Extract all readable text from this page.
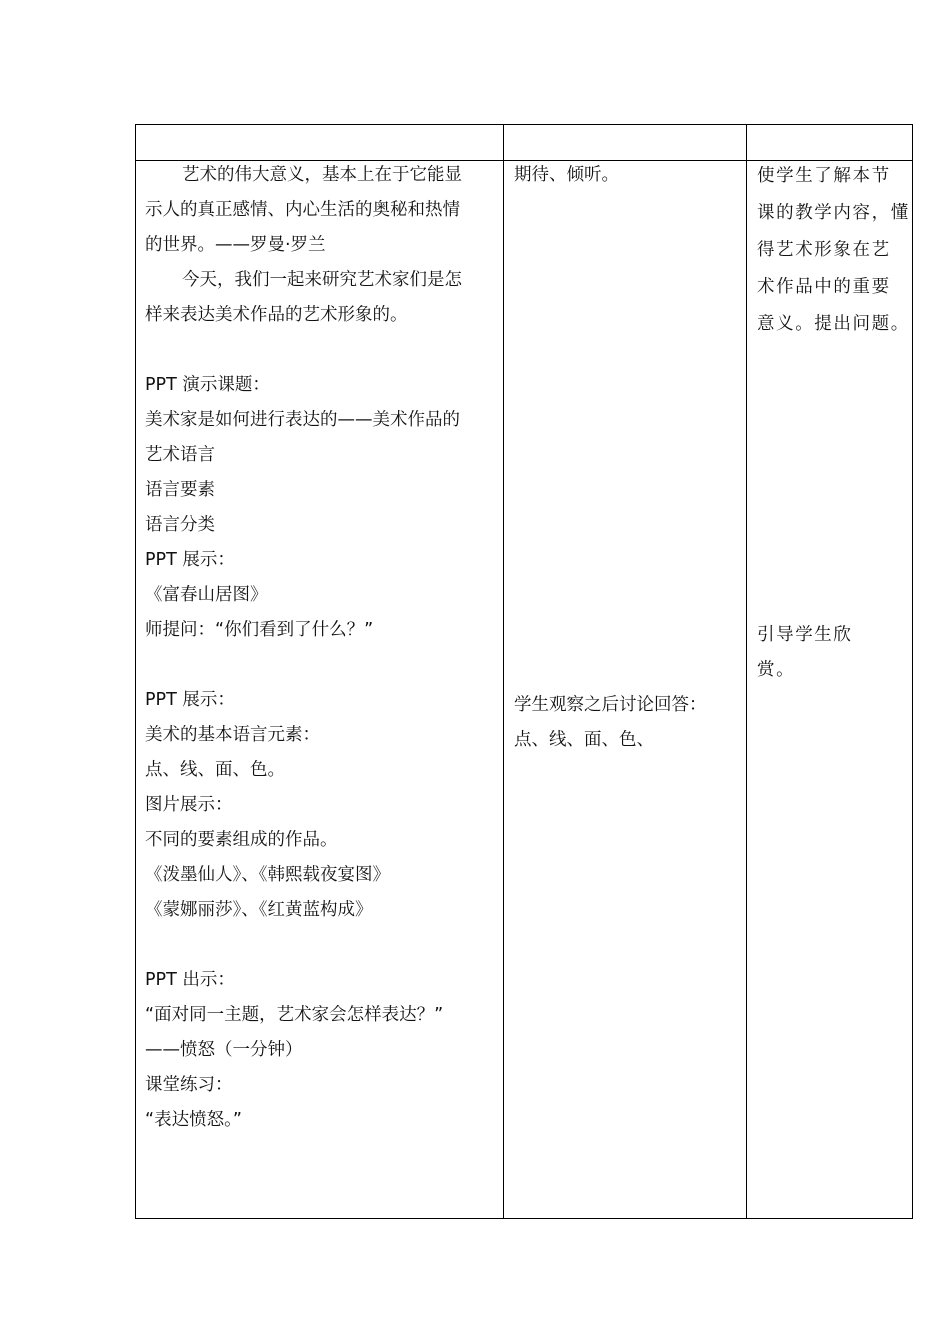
艺术的伟大意义，基本上在于它能显
示人的真正感情、内心生活的奥秘和热情
的世界。——罗曼·罗兰
今天，我们一起来研究艺术家们是怎
样来表达美术作品的艺术形象的。
PPT 演示课题：
美术家是如何进行表达的——美术作品的
艺术语言
语言要素
语言分类
PPT 展示：
《富春山居图》
师提问：“你们看到了什么？”
PPT 展示：
美术的基本语言元素：
点、线、面、色。
图片展示：
不同的要素组成的作品。
《泼墨仙人》、《韩熙载夜宴图》
《蒙娜丽莎》、《红黄蓝构成》
PPT 出示：
“面对同一主题，艺术家会怎样表达？”
——愤怒（一分钟）
课堂练习：
“表达愤怒。”
期待、倾听。
学生观察之后讨论回答：
点、线、面、色、
使学生了解本节
课的教学内容，懂
得艺术形象在艺
术作品中的重要
意义。提出问题。
引导学生欣
赏。
